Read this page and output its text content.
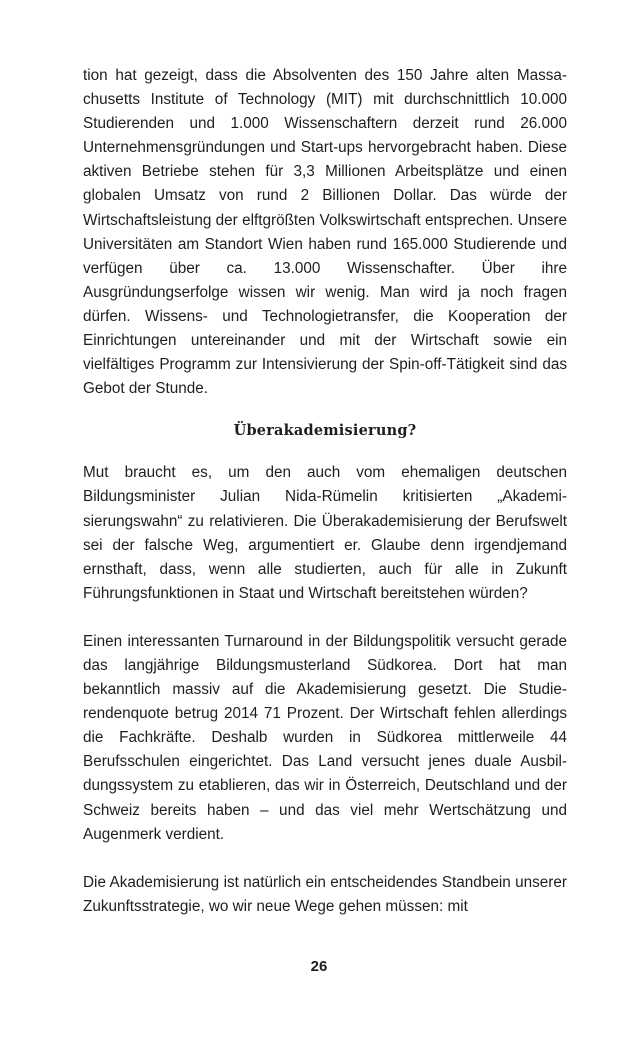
tion hat gezeigt, dass die Absolventen des 150 Jahre alten Massachusetts Institute of Technology (MIT) mit durchschnittlich 10.000 Studierenden und 1.000 Wissenschaftern derzeit rund 26.000 Unternehmensgründungen und Start-ups hervorgebracht haben. Diese aktiven Betriebe stehen für 3,3 Millionen Arbeitsplätze und einen globalen Umsatz von rund 2 Billionen Dollar. Das würde der Wirtschaftsleistung der elftgrößten Volkswirtschaft entsprechen. Unsere Universitäten am Standort Wien haben rund 165.000 Studierende und verfügen über ca. 13.000 Wissenschafter. Über ihre Ausgründungserfolge wissen wir wenig. Man wird ja noch fragen dürfen. Wissens- und Technologietransfer, die Kooperation der Einrichtungen untereinander und mit der Wirtschaft sowie ein vielfältiges Programm zur Intensivierung der Spin-off-Tätigkeit sind das Gebot der Stunde.

Überakademisierung?

Mut braucht es, um den auch vom ehemaligen deutschen Bildungsminister Julian Nida-Rümelin kritisierten „Akademisierungswahn“ zu relativieren. Die Überakademisierung der Berufswelt sei der falsche Weg, argumentiert er. Glaube denn irgendjemand ernsthaft, dass, wenn alle studierten, auch für alle in Zukunft Führungsfunktionen in Staat und Wirtschaft bereitstehen würden?

Einen interessanten Turnaround in der Bildungspolitik versucht gerade das langjährige Bildungsmusterland Südkorea. Dort hat man bekanntlich massiv auf die Akademisierung gesetzt. Die Studierendenquote betrug 2014 71 Prozent. Der Wirtschaft fehlen allerdings die Fachkräfte. Deshalb wurden in Südkorea mittlerweile 44 Berufsschulen eingerichtet. Das Land versucht jenes duale Ausbildungssystem zu etablieren, das wir in Österreich, Deutschland und der Schweiz bereits haben – und das viel mehr Wertschätzung und Augenmerk verdient.

Die Akademisierung ist natürlich ein entscheidendes Standbein unserer Zukunftsstrategie, wo wir neue Wege gehen müssen: mit

26
